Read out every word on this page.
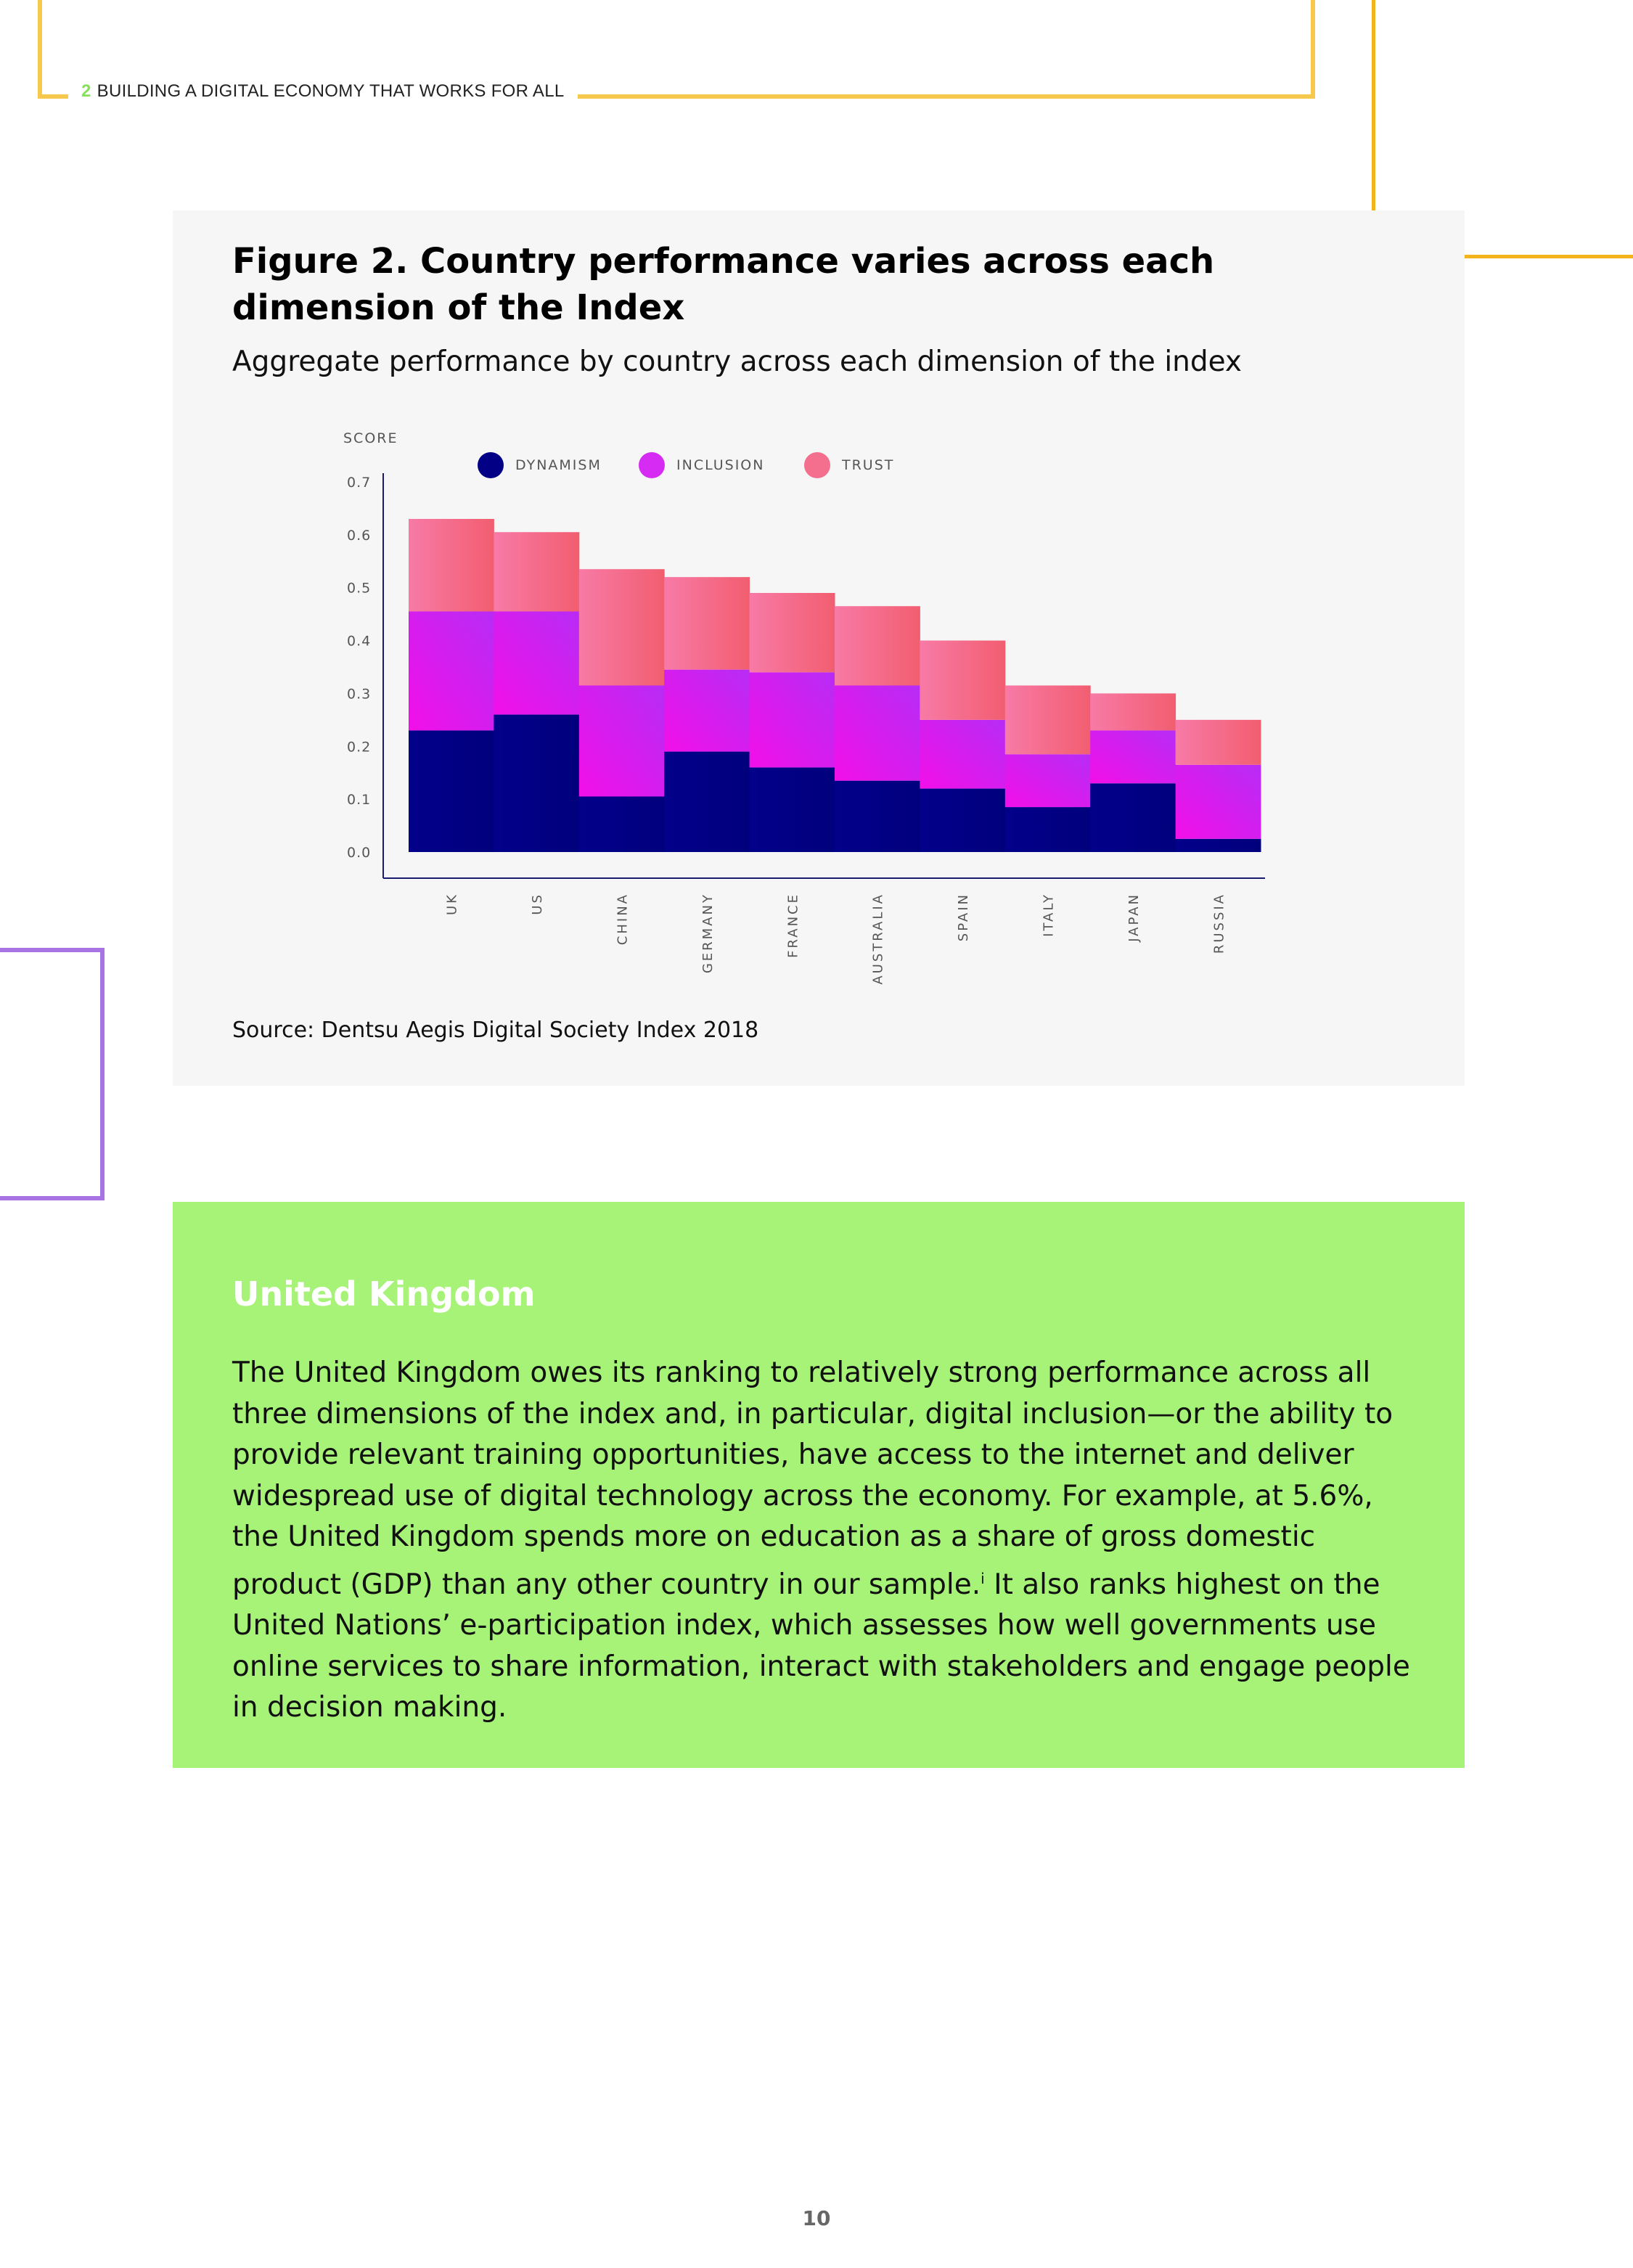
2 BUILDING A DIGITAL ECONOMY THAT WORKS FOR ALL
SCORE
0.0
0.1
0.2
0.3
0.4
0.5
0.6
0.7
UK	US	CHINA	GERMANY	FRANCE	AUSTRALIA	SPAIN	ITALY	JAPAN	RUSSIA
DYNAMISM	INCLUSION	TRUST
Figure 2. Country performance varies across each dimension of the Index

Aggregate performance by country across each dimension of the index

Source: Dentsu Aegis Digital Society Index 2018

United Kingdom

The United Kingdom owes its ranking to relatively strong performance across all three dimensions of the index and, in particular, digital inclusion—or the ability to provide relevant training opportunities, have access to the internet and deliver widespread use of digital technology across the economy. For example, at 5.6%, the United Kingdom spends more on education as a share of gross domestic product (GDP) than any other country in our sample.$^i$ It also ranks highest on the United Nations’ e-participation index, which assesses how well governments use online services to share information, interact with stakeholders and engage people in decision making.

10
